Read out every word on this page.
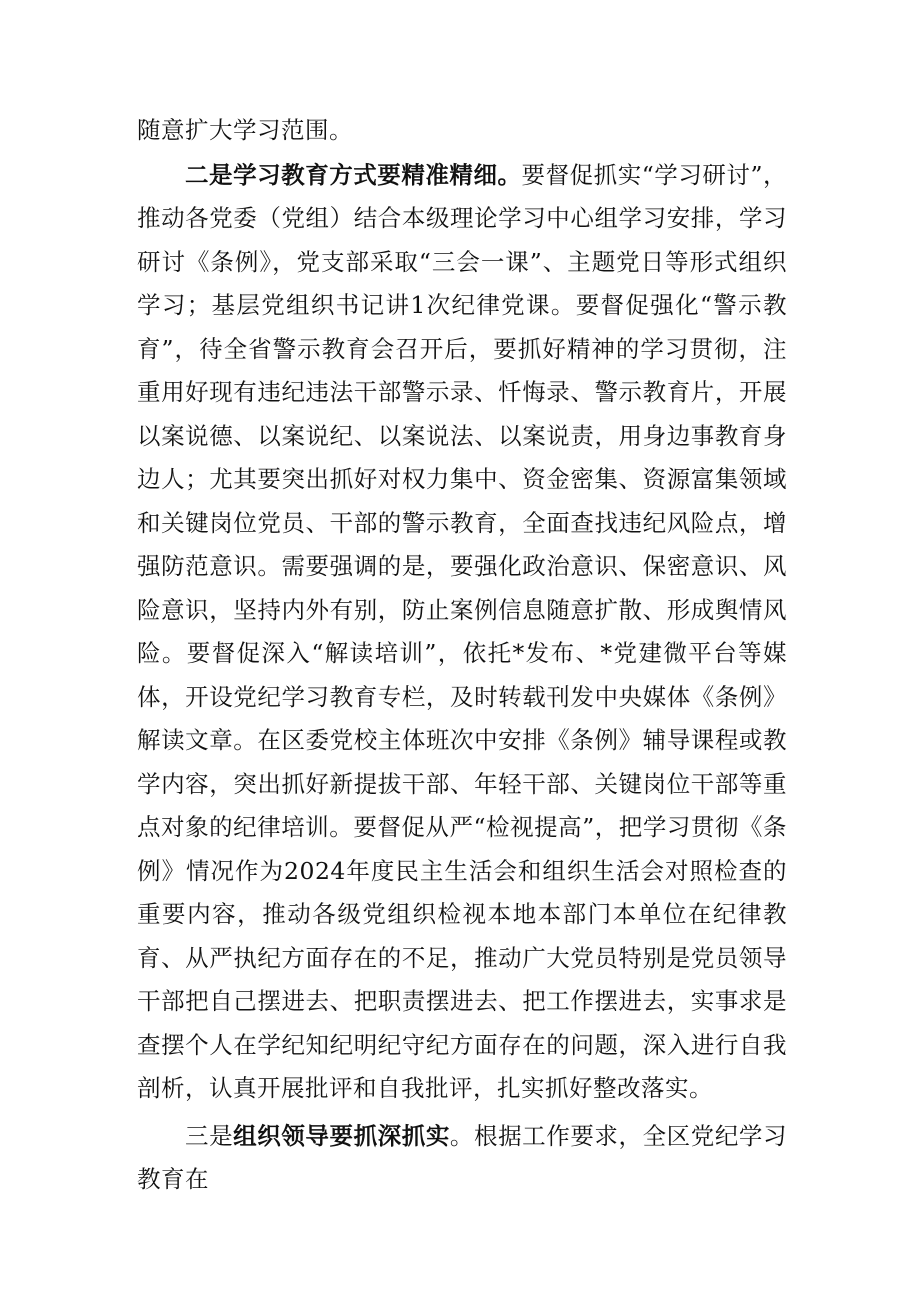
随意扩大学习范围。

二是学习教育方式要精准精细。要督促抓实“学习研讨”，推动各党委（党组）结合本级理论学习中心组学习安排，学习研讨《条例》，党支部采取“三会一课”、主题党日等形式组织学习；基层党组织书记讲1次纪律党课。要督促强化“警示教育”，待全省警示教育会召开后，要抓好精神的学习贯彻，注重用好现有违纪违法干部警示录、忏悔录、警示教育片，开展以案说德、以案说纪、以案说法、以案说责，用身边事教育身边人；尤其要突出抓好对权力集中、资金密集、资源富集领域和关键岗位党员、干部的警示教育，全面查找违纪风险点，增强防范意识。需要强调的是，要强化政治意识、保密意识、风险意识，坚持内外有别，防止案例信息随意扩散、形成舆情风险。要督促深入“解读培训”，依托*发布、*党建微平台等媒体，开设党纪学习教育专栏，及时转载刊发中央媒体《条例》解读文章。在区委党校主体班次中安排《条例》辅导课程或教学内容，突出抓好新提拔干部、年轻干部、关键岗位干部等重点对象的纪律培训。要督促从严“检视提高”，把学习贯彻《条例》情况作为2024年度民主生活会和组织生活会对照检查的重要内容，推动各级党组织检视本地本部门本单位在纪律教育、从严执纪方面存在的不足，推动广大党员特别是党员领导干部把自己摆进去、把职责摆进去、把工作摆进去，实事求是查摆个人在学纪知纪明纪守纪方面存在的问题，深入进行自我剖析，认真开展批评和自我批评，扎实抓好整改落实。

三是组织领导要抓深抓实。根据工作要求，全区党纪学习教育在
